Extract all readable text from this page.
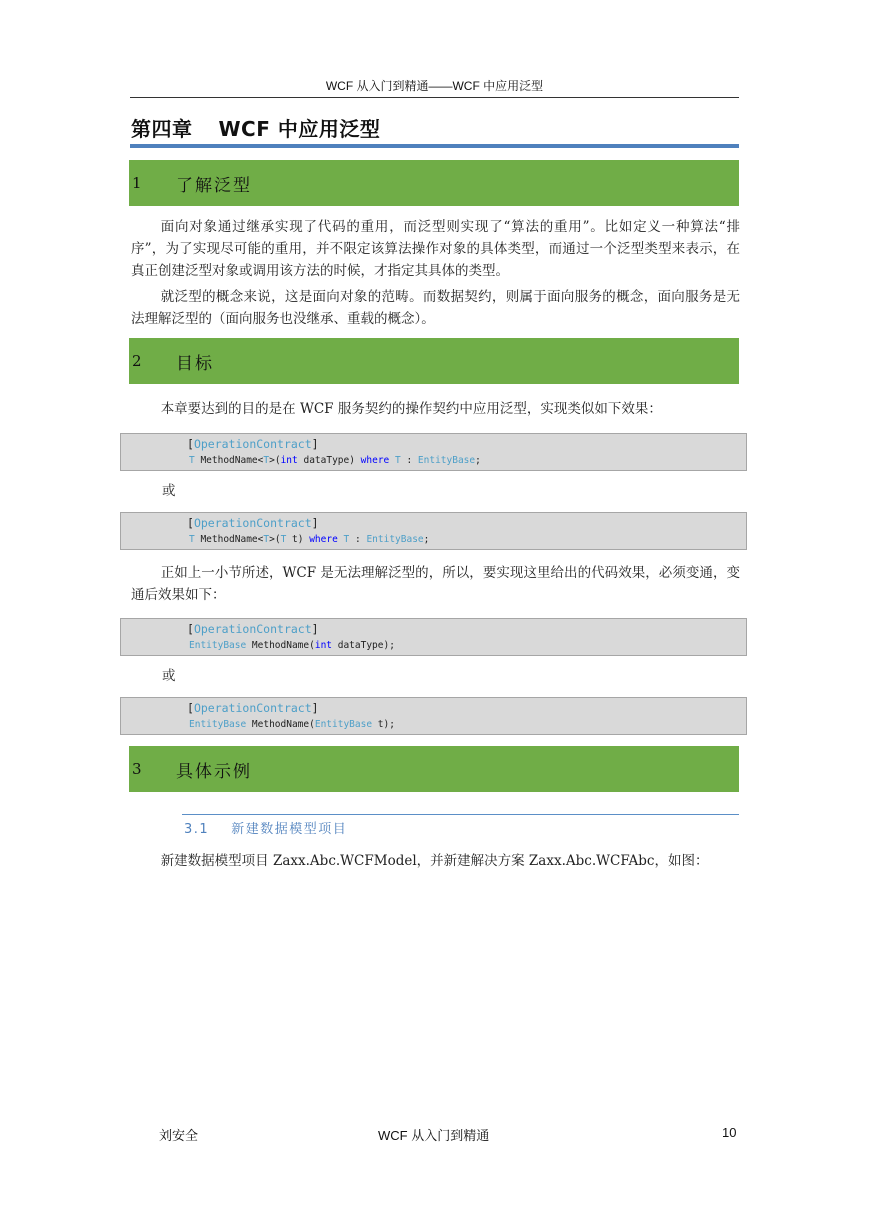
WCF 从入门到精通——WCF 中应用泛型
第四章 WCF 中应用泛型
1	了解泛型

面向对象通过继承实现了代码的重用，而泛型则实现了“算法的重用”。比如定义一种算法“排序”，为了实现尽可能的重用，并不限定该算法操作对象的具体类型，而通过一个泛型类型来表示，在真正创建泛型对象或调用该方法的时候，才指定其具体的类型。

就泛型的概念来说，这是面向对象的范畴。而数据契约，则属于面向服务的概念，面向服务是无法理解泛型的（面向服务也没继承、重载的概念）。

2	目标

本章要达到的目的是在 WCF 服务契约的操作契约中应用泛型，实现类似如下效果：

[OperationContract]
T MethodName<T>(int dataType) where T : EntityBase;

或

[OperationContract]
T MethodName<T>(T t) where T : EntityBase;

正如上一小节所述，WCF 是无法理解泛型的，所以，要实现这里给出的代码效果，必须变通，变通后效果如下：

[OperationContract]
EntityBase MethodName(int dataType);

或

[OperationContract]
EntityBase MethodName(EntityBase t);
3	具体示例
3.1 新建数据模型项目

新建数据模型项目 Zaxx.Abc.WCFModel，并新建解决方案 Zaxx.Abc.WCFAbc，如图：

刘安全	WCF 从入门到精通	10
